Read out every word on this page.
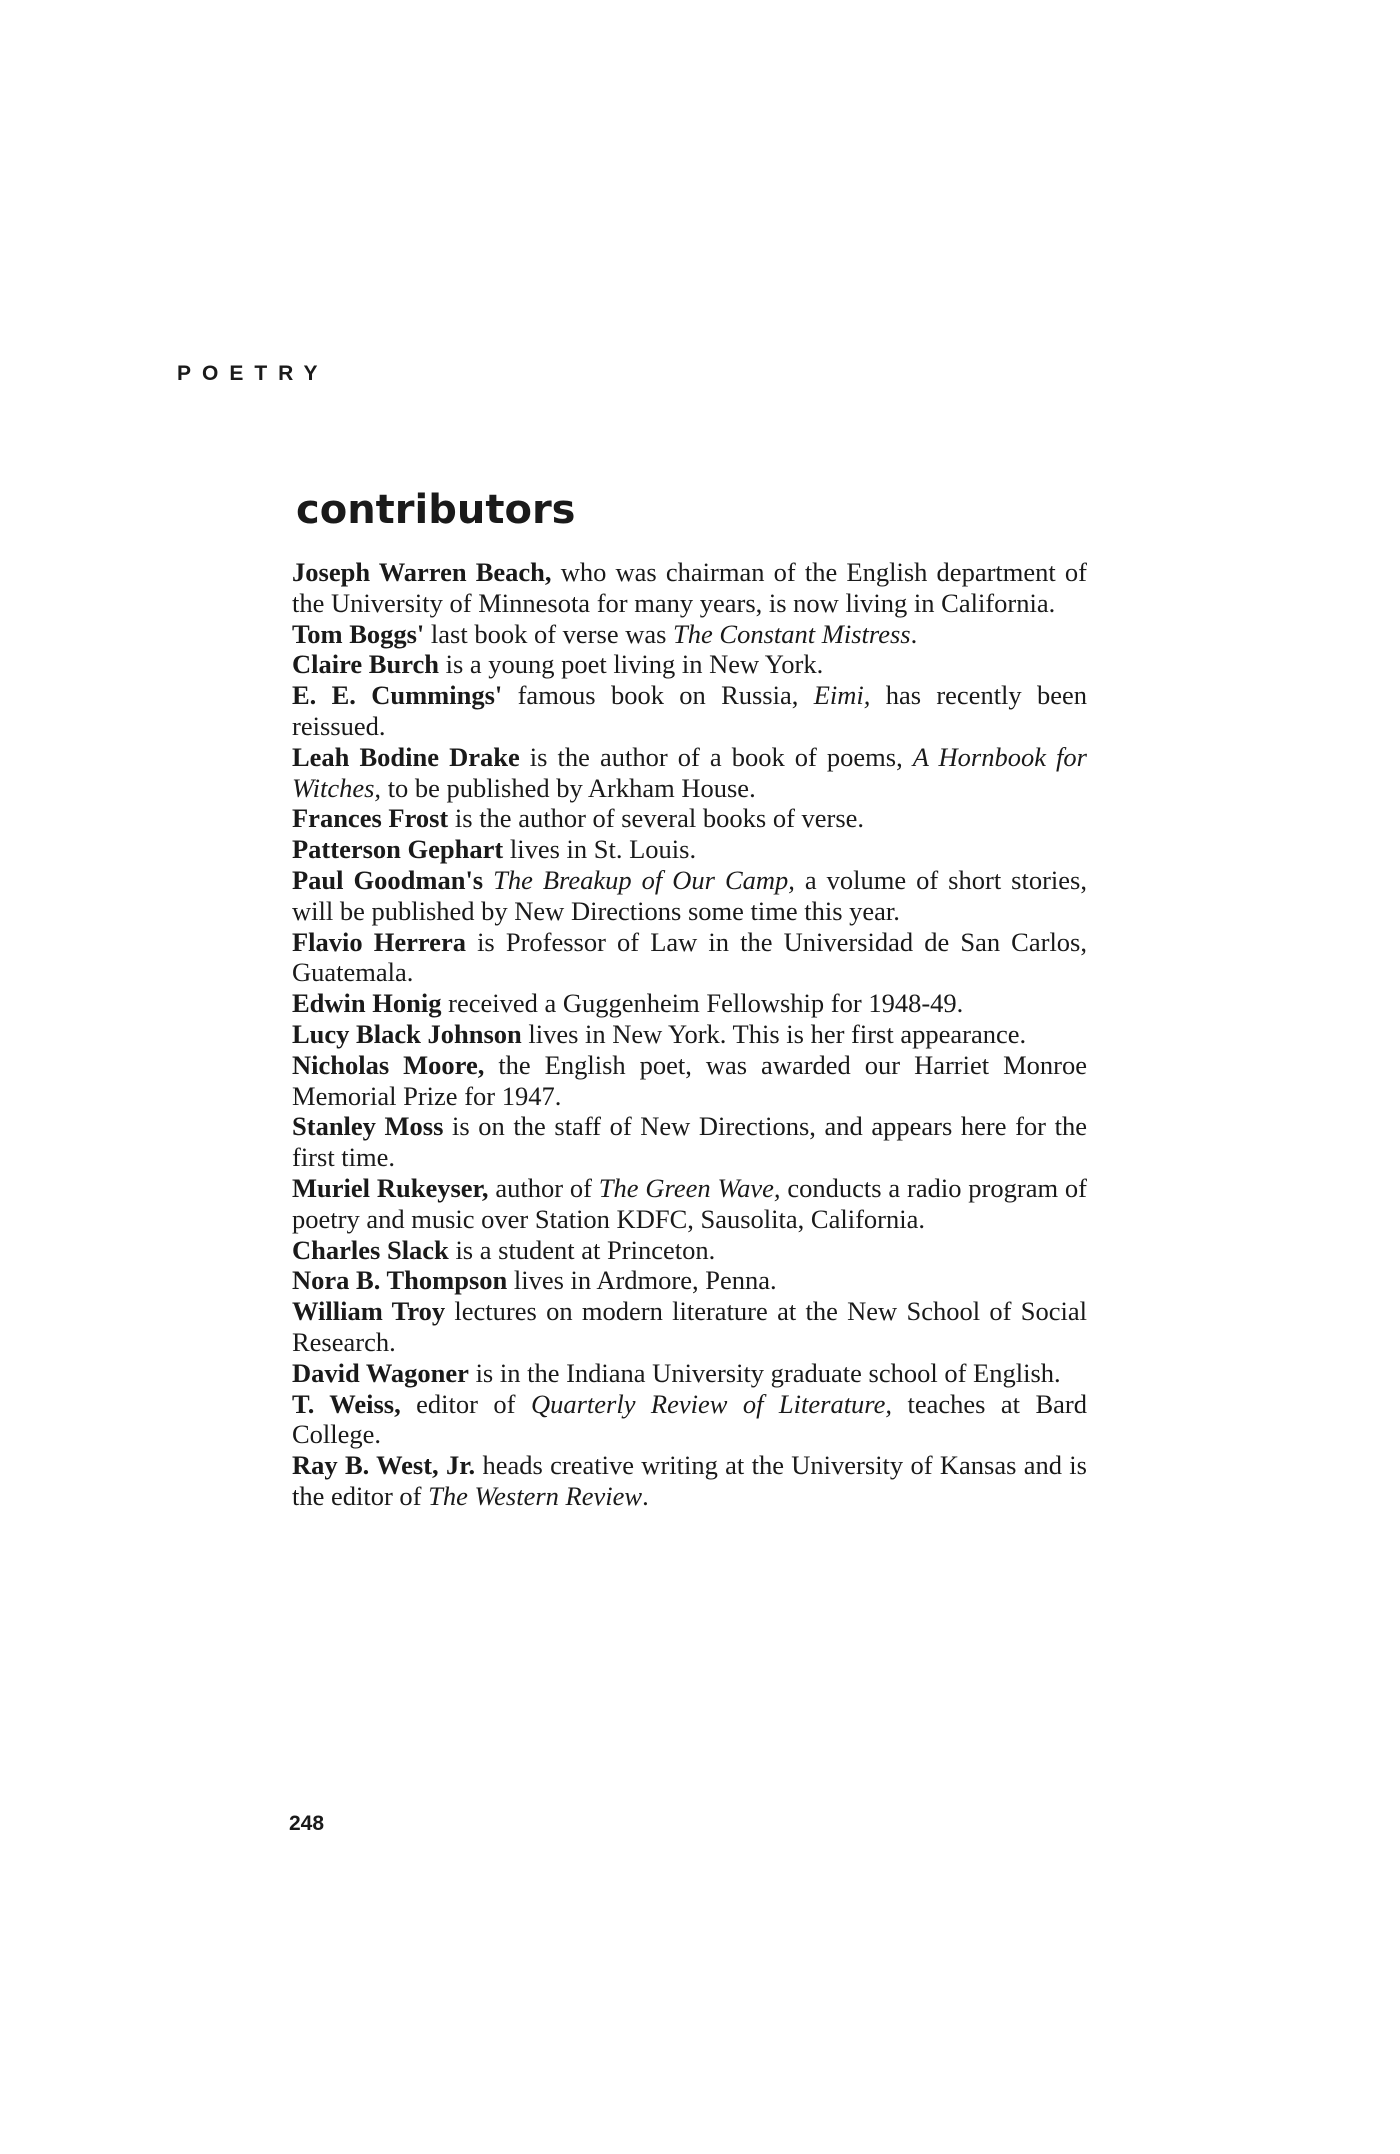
POETRY

contributors
Joseph Warren Beach, who was chairman of the English department of the University of Minnesota for many years, is now living in California.
Tom Boggs' last book of verse was The Constant Mistress.
Claire Burch is a young poet living in New York.
E. E. Cummings' famous book on Russia, Eimi, has recently been reissued.
Leah Bodine Drake is the author of a book of poems, A Hornbook for Witches, to be published by Arkham House.
Frances Frost is the author of several books of verse.
Patterson Gephart lives in St. Louis.
Paul Goodman's The Breakup of Our Camp, a volume of short stories, will be published by New Directions some time this year.
Flavio Herrera is Professor of Law in the Universidad de San Carlos, Guatemala.
Edwin Honig received a Guggenheim Fellowship for 1948-49.
Lucy Black Johnson lives in New York. This is her first appearance.
Nicholas Moore, the English poet, was awarded our Harriet Monroe Memorial Prize for 1947.
Stanley Moss is on the staff of New Directions, and appears here for the first time.
Muriel Rukeyser, author of The Green Wave, conducts a radio program of poetry and music over Station KDFC, Sausolita, California.
Charles Slack is a student at Princeton.
Nora B. Thompson lives in Ardmore, Penna.
William Troy lectures on modern literature at the New School of Social Research.
David Wagoner is in the Indiana University graduate school of English.
T. Weiss, editor of Quarterly Review of Literature, teaches at Bard College.
Ray B. West, Jr. heads creative writing at the University of Kansas and is the editor of The Western Review.

248
